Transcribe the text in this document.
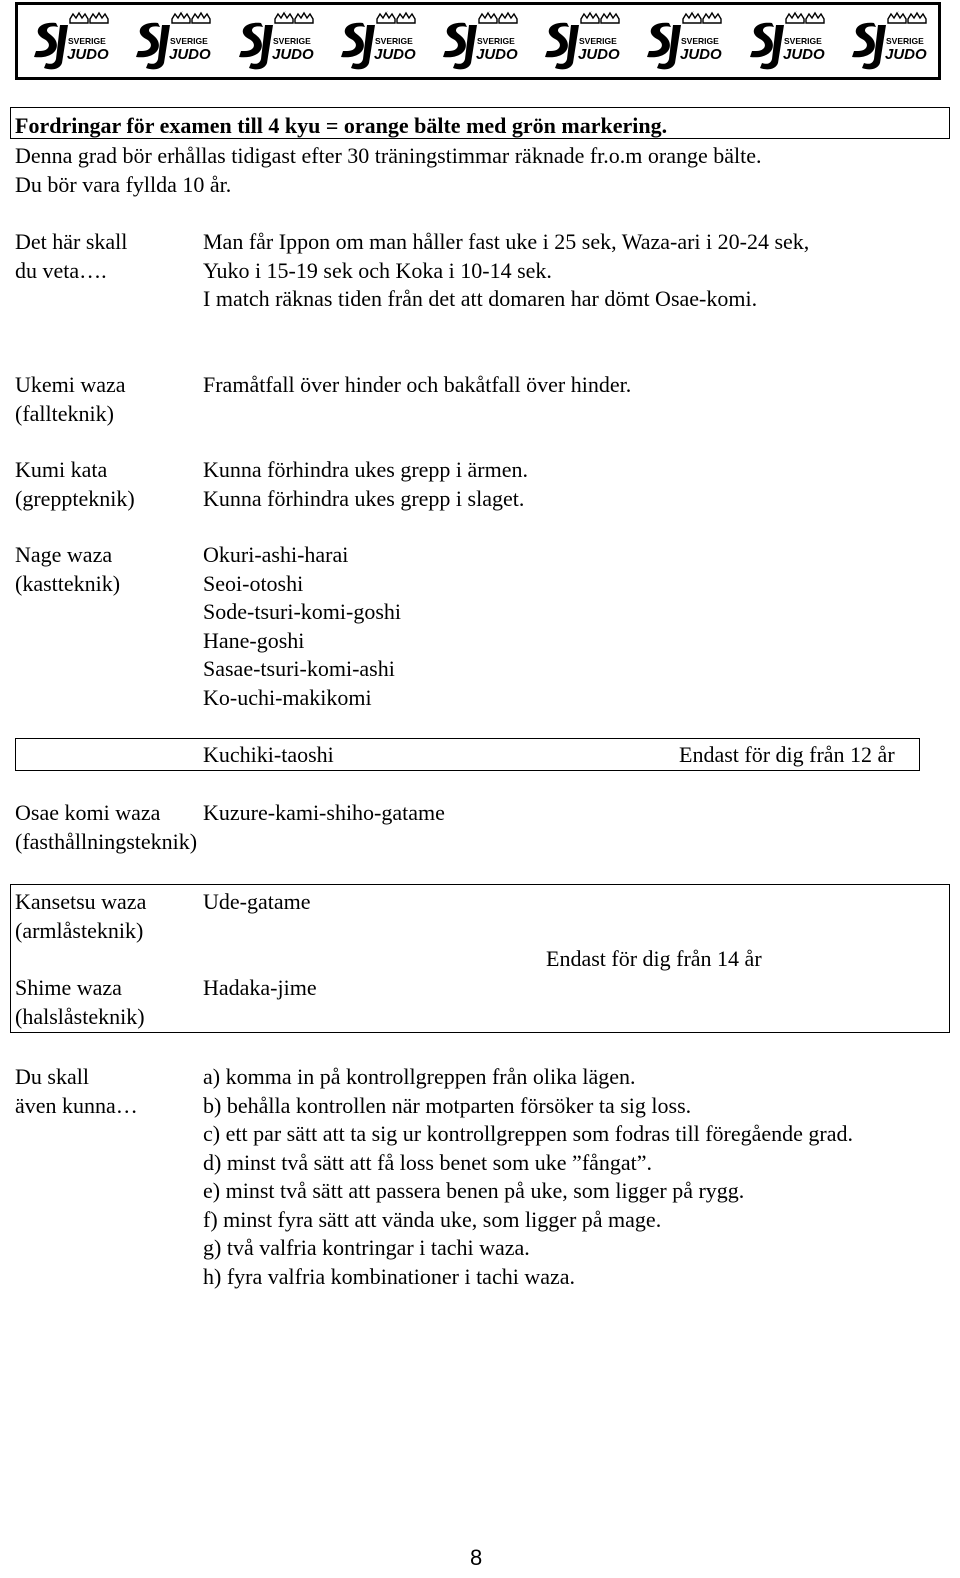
SVERIGE
JUDO
SVERIGE
JUDO
SVERIGE
JUDO
SVERIGE
JUDO
SVERIGE
JUDO
SVERIGE
JUDO
SVERIGE
JUDO
SVERIGE
JUDO
SVERIGE
JUDO
Fordringar för examen till 4 kyu = orange bälte med grön markering.
Denna grad bör erhållas tidigast efter 30 träningstimmar räknade fr.o.m orange bälte.
Du bör vara fyllda 10 år.
Det här skall
du veta….
Man får Ippon om man håller fast uke i 25 sek, Waza-ari i 20-24 sek,
Yuko i 15-19 sek och Koka i 10-14 sek.
I match räknas tiden från det att domaren har dömt Osae-komi.
Ukemi waza
(fallteknik)
Framåtfall över hinder och bakåtfall över hinder.
Kumi kata
(greppteknik)
Kunna förhindra ukes grepp i ärmen.
Kunna förhindra ukes grepp i slaget.
Nage waza
(kastteknik)
Okuri-ashi-harai
Seoi-otoshi
Sode-tsuri-komi-goshi
Hane-goshi
Sasae-tsuri-komi-ashi
Ko-uchi-makikomi
Kuchiki-taoshi	Endast för dig från 12 år
Osae komi waza
(fasthållningsteknik)
Kuzure-kami-shiho-gatame
Kansetsu waza
(armlåsteknik)
Ude-gatame
Endast för dig från 14 år
Shime waza
(halslåsteknik)
Hadaka-jime
Du skall
även kunna…
a) komma in på kontrollgreppen från olika lägen.
b) behålla kontrollen när motparten försöker ta sig loss.
c) ett par sätt att ta sig ur kontrollgreppen som fodras till föregående grad.
d) minst två sätt att få loss benet som uke ”fångat”.
e) minst två sätt att passera benen på uke, som ligger på rygg.
f) minst fyra sätt att vända uke, som ligger på mage.
g) två valfria kontringar i tachi waza.
h) fyra valfria kombinationer i tachi waza.
8
